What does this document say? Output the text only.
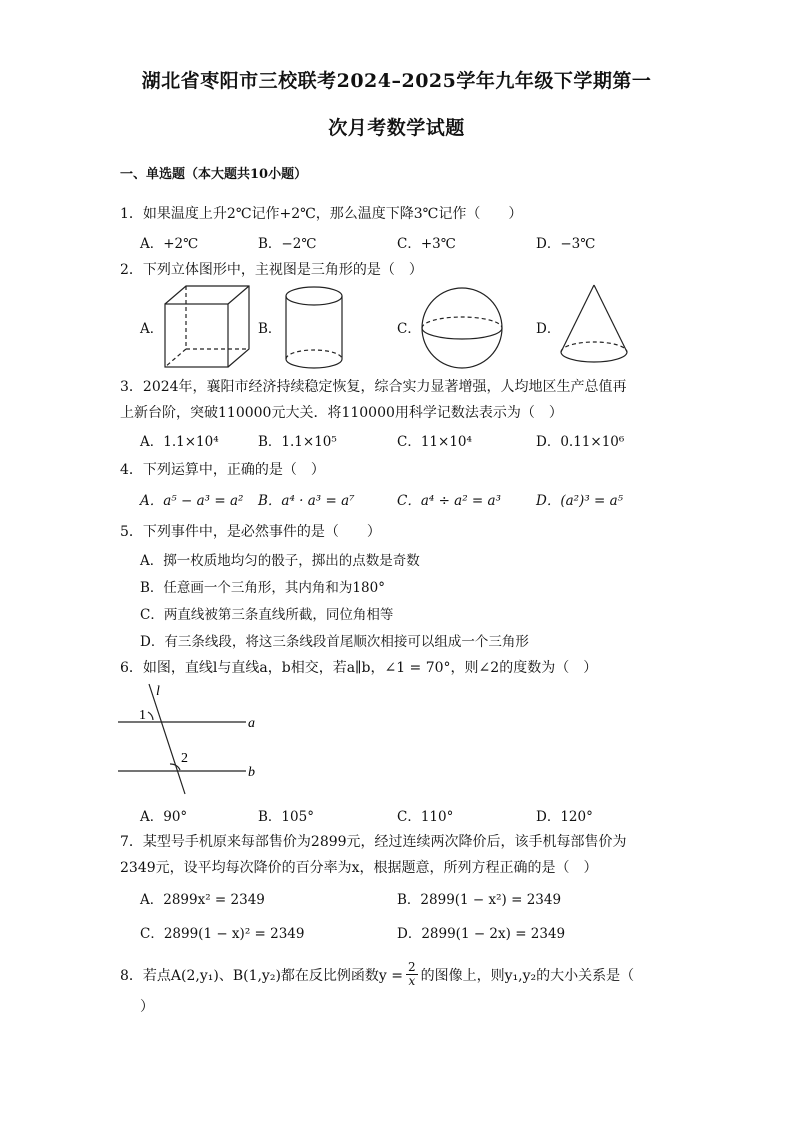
湖北省枣阳市三校联考2024–2025学年九年级下学期第一
次月考数学试题
一、单选题（本大题共10小题）
1．如果温度上升2℃记作+2℃，那么温度下降3℃记作（　　）
A．+2℃	B．−2℃	C．+3℃	D．−3℃
2．下列立体图形中，主视图是三角形的是（　）
A．	B．	C．	D．
3．2024年，襄阳市经济持续稳定恢复，综合实力显著增强，人均地区生产总值再
上新台阶，突破110000元大关．将110000用科学记数法表示为（　）
A．1.1×10⁴	B．1.1×10⁵	C．11×10⁴	D．0.11×10⁶
4．下列运算中，正确的是（　）
A．a⁵ − a³ = a² B．a⁴ · a³ = a⁷	C．a⁴ ÷ a² = a³	D．(a²)³ = a⁵
5．下列事件中，是必然事件的是（　　）
A．掷一枚质地均匀的骰子，掷出的点数是奇数
B．任意画一个三角形，其内角和为180°
C．两直线被第三条直线所截，同位角相等
D．有三条线段，将这三条线段首尾顺次相接可以组成一个三角形
6．如图，直线l与直线a，b相交，若a∥b，∠1 = 70°，则∠2的度数为（　）
l
a
b
1
2
A．90°	B．105°	C．110°	D．120°
7．某型号手机原来每部售价为2899元，经过连续两次降价后，该手机每部售价为
2349元，设平均每次降价的百分率为x，根据题意，所列方程正确的是（　）
A．2899x² = 2349	B．2899(1 − x²) = 2349
C．2899(1 − x)² = 2349	D．2899(1 − 2x) = 2349
8．若点A(2,y₁)、B(1,y₂)都在反比例函数$y = \frac{2}{x}$ 的图像上，则y₁,y₂的大小关系是（
）
